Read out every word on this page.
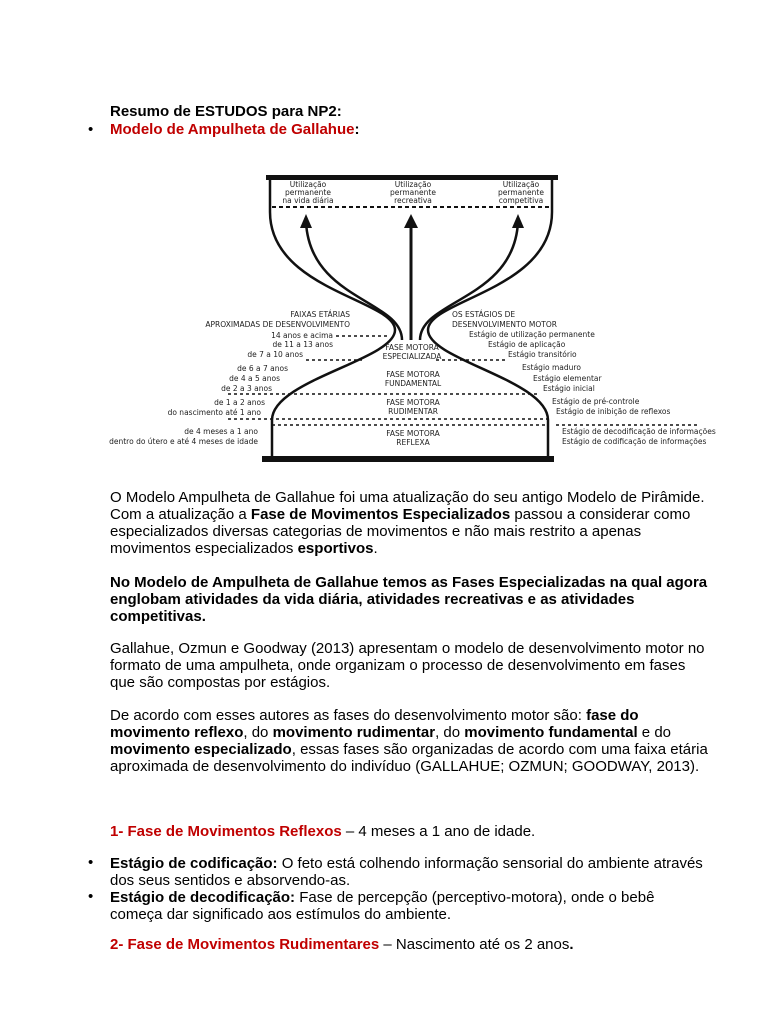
Resumo de ESTUDOS para NP2:
• Modelo de Ampulheta de Gallahue:
Utilização
permanente
na vida diária
Utilização
permanente
recreativa
Utilização
permanente
competitiva
FAIXAS ETÁRIAS
APROXIMADAS DE DESENVOLVIMENTO
OS ESTÁGIOS DE
DESENVOLVIMENTO MOTOR
14 anos e acima
de 11 a 13 anos
de 7 a 10 anos
de 6 a 7 anos
de 4 a 5 anos
de 2 a 3 anos
de 1 a 2 anos
do nascimento até 1 ano
de 4 meses a 1 ano
dentro do útero e até 4 meses de idade
Estágio de utilização permanente
Estágio de aplicação
Estágio transitório
Estágio maduro
Estágio elementar
Estágio inicial
Estágio de pré-controle
Estágio de inibição de reflexos
Estágio de decodificação de informações
Estágio de codificação de informações
FASE MOTORA
ESPECIALIZADA
FASE MOTORA
FUNDAMENTAL
FASE MOTORA
RUDIMENTAR
FASE MOTORA
REFLEXA
O Modelo Ampulheta de Gallahue foi uma atualização do seu antigo Modelo de Pirâmide. Com a atualização a Fase de Movimentos Especializados passou a considerar como especializados diversas categorias de movimentos e não mais restrito a apenas movimentos especializados esportivos.
No Modelo de Ampulheta de Gallahue temos as Fases Especializadas na qual agora englobam atividades da vida diária, atividades recreativas e as atividades competitivas.
Gallahue, Ozmun e Goodway (2013) apresentam o modelo de desenvolvimento motor no formato de uma ampulheta, onde organizam o processo de desenvolvimento em fases que são compostas por estágios.
De acordo com esses autores as fases do desenvolvimento motor são: fase do movimento reflexo, do movimento rudimentar, do movimento fundamental e do movimento especializado, essas fases são organizadas de acordo com uma faixa etária aproximada de desenvolvimento do indivíduo (GALLAHUE; OZMUN; GOODWAY, 2013).
1- Fase de Movimentos Reflexos – 4 meses a 1 ano de idade.
• Estágio de codificação: O feto está colhendo informação sensorial do ambiente através dos seus sentidos e absorvendo-as.
• Estágio de decodificação: Fase de percepção (perceptivo-motora), onde o bebê começa dar significado aos estímulos do ambiente.
2- Fase de Movimentos Rudimentares – Nascimento até os 2 anos.
